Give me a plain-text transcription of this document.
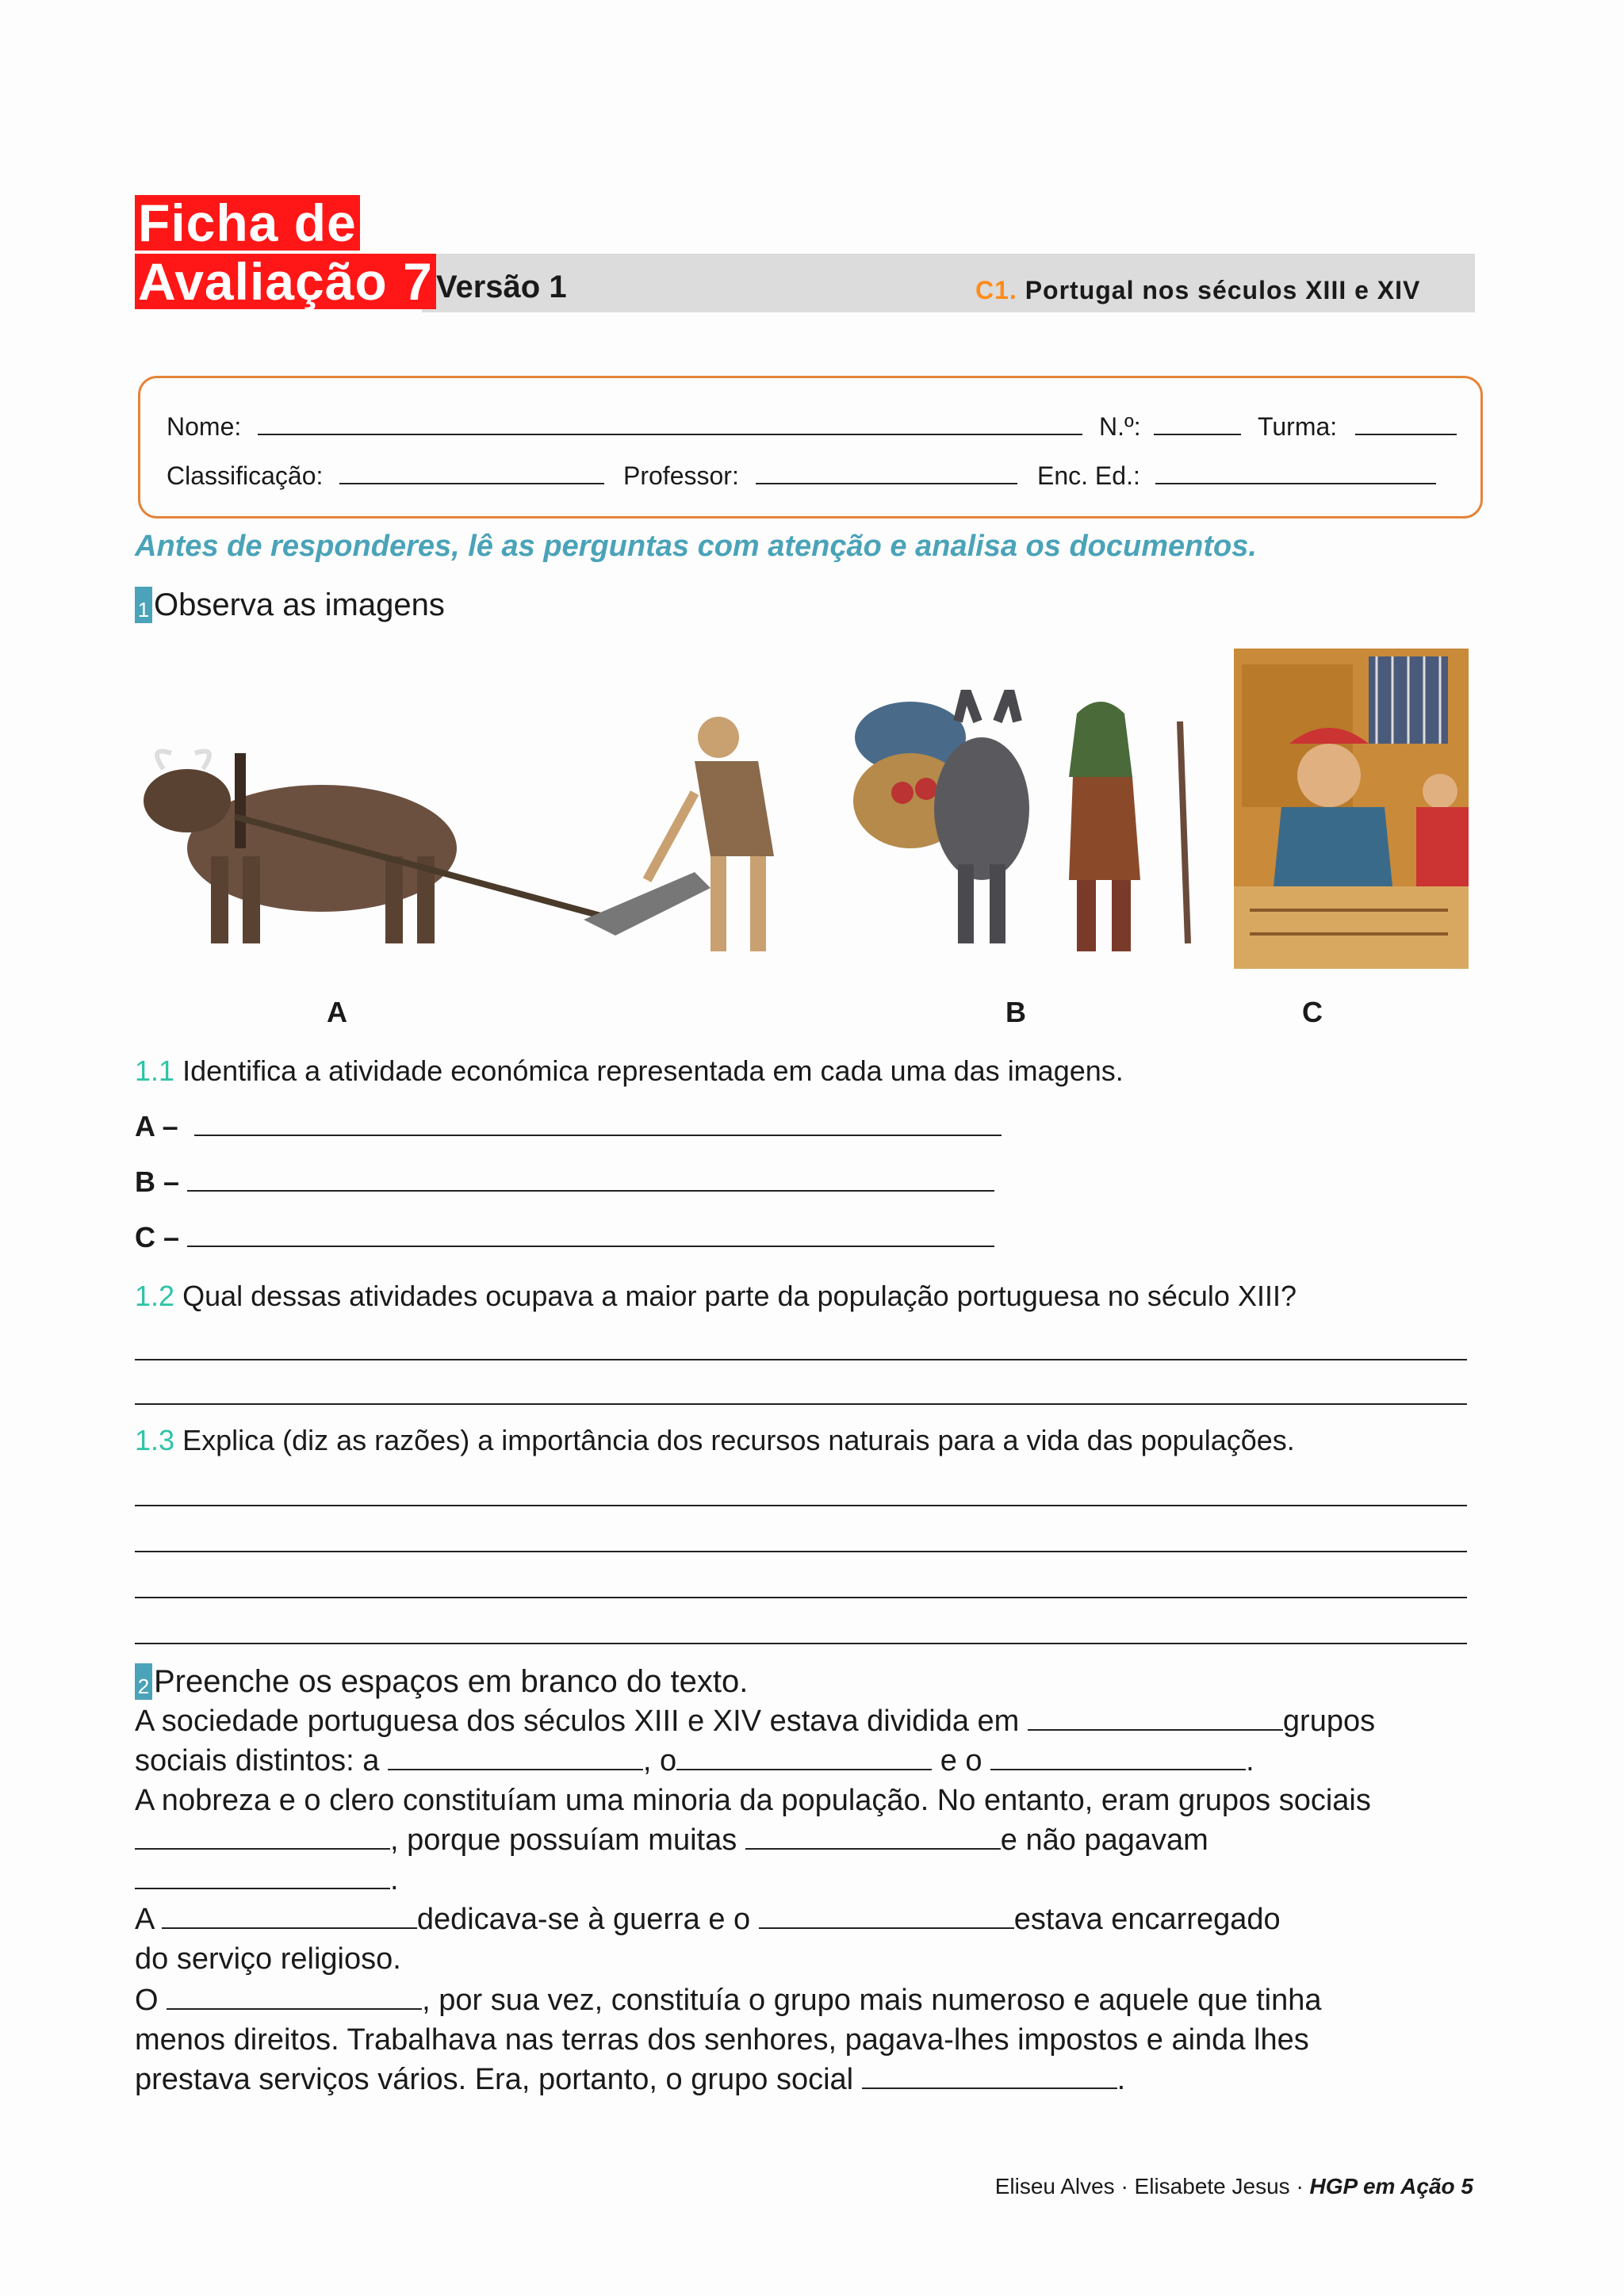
Ficha de
Avaliação 7 Versão 1	C1. Portugal nos séculos XIII e XIV
Nome:	N.º:	Turma:
Classificação:	Professor:	Enc. Ed.:
Antes de responderes, lê as perguntas com atenção e analisa os documentos.
1 Observa as imagens
A	B	C
1.1 Identifica a atividade económica representada em cada uma das imagens.
A –
B –
C –
1.2 Qual dessas atividades ocupava a maior parte da população portuguesa no século XIII?
1.3 Explica (diz as razões) a importância dos recursos naturais para a vida das populações.
2 Preenche os espaços em branco do texto.
A sociedade portuguesa dos séculos XIII e XIV estava dividida em	grupos
sociais distintos: a	, o	e o	.
A nobreza e o clero constituíam uma minoria da população. No entanto, eram grupos sociais
, porque possuíam muitas	e não pagavam
.
A	dedicava-se à guerra e o	estava encarregado
do serviço religioso.
O	, por sua vez, constituía o grupo mais numeroso e aquele que tinha
menos direitos. Trabalhava nas terras dos senhores, pagava-lhes impostos e ainda lhes
prestava serviços vários. Era, portanto, o grupo social	.
Eliseu Alves · Elisabete Jesus · HGP em Ação 5
